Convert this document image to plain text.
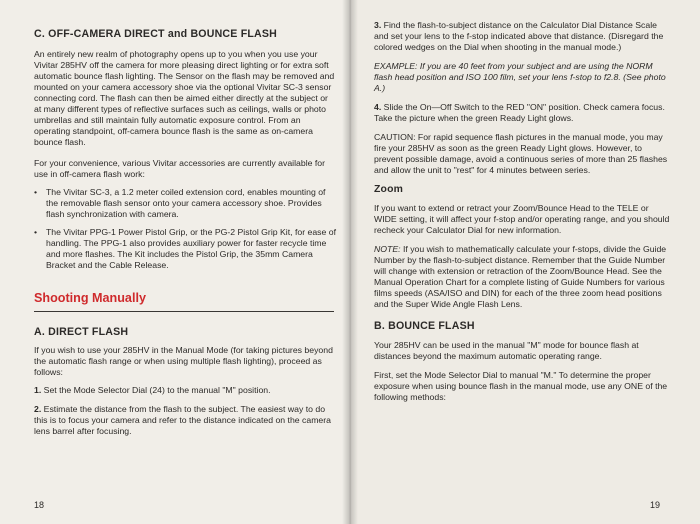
C. OFF-CAMERA DIRECT and BOUNCE FLASH

An entirely new realm of photography opens up to you when you use your Vivitar 285HV off the camera for more pleasing direct lighting or for extra soft automatic bounce flash lighting. The Sensor on the flash may be removed and mounted on your camera accessory shoe via the optional Vivitar SC-3 sensor connecting cord. The flash can then be aimed either directly at the subject or at many different types of reflective surfaces such as ceilings, walls or photo umbrellas and still maintain fully automatic exposure control. From an operating standpoint, off-camera bounce flash is the same as on-camera bounce flash.

For your convenience, various Vivitar accessories are currently available for use in off-camera flash work:

• The Vivitar SC-3, a 1.2 meter coiled extension cord, enables mounting of the removable flash sensor onto your camera accessory shoe. Provides flash synchronization with camera.
• The Vivitar PPG-1 Power Pistol Grip, or the PG-2 Pistol Grip Kit, for ease of handling. The PPG-1 also provides auxiliary power for faster recycle time and more flashes. The Kit includes the Pistol Grip, the 35mm Camera Bracket and the Cable Release.
Shooting Manually
A. DIRECT FLASH

If you wish to use your 285HV in the Manual Mode (for taking pictures beyond the automatic flash range or when using multiple flash lighting), proceed as follows:

1. Set the Mode Selector Dial (24) to the manual "M" position.
2. Estimate the distance from the flash to the subject. The easiest way to do this is to focus your camera and refer to the distance indicated on the camera lens barrel after focusing.
18
3. Find the flash-to-subject distance on the Calculator Dial Distance Scale and set your lens to the f-stop indicated above that distance. (Disregard the colored wedges on the Dial when shooting in the manual mode.)

EXAMPLE: If you are 40 feet from your subject and are using the NORM flash head position and ISO 100 film, set your lens f-stop to f2.8. (See photo A.)

4. Slide the On—Off Switch to the RED "ON" position. Check camera focus. Take the picture when the green Ready Light glows.

CAUTION: For rapid sequence flash pictures in the manual mode, you may fire your 285HV as soon as the green Ready Light glows. However, to prevent possible damage, avoid a continuous series of more than 25 flashes and allow the unit to "rest" for 4 minutes between series.

Zoom

If you want to extend or retract your Zoom/Bounce Head to the TELE or WIDE setting, it will affect your f-stop and/or operating range, and you should recheck your Calculator Dial for new information.

NOTE: If you wish to mathematically calculate your f-stops, divide the Guide Number by the flash-to-subject distance. Remember that the Guide Number will change with extension or retraction of the Zoom/Bounce Head. See the Manual Operation Chart for a complete listing of Guide Numbers for various films speeds (ASA/ISO and DIN) for each of the three zoom head positions and the Super Wide Angle Flash Lens.

B. BOUNCE FLASH

Your 285HV can be used in the manual "M" mode for bounce flash at distances beyond the maximum automatic operating range.

First, set the Mode Selector Dial to manual "M." To determine the proper exposure when using bounce flash in the manual mode, use any ONE of the following methods:

19
